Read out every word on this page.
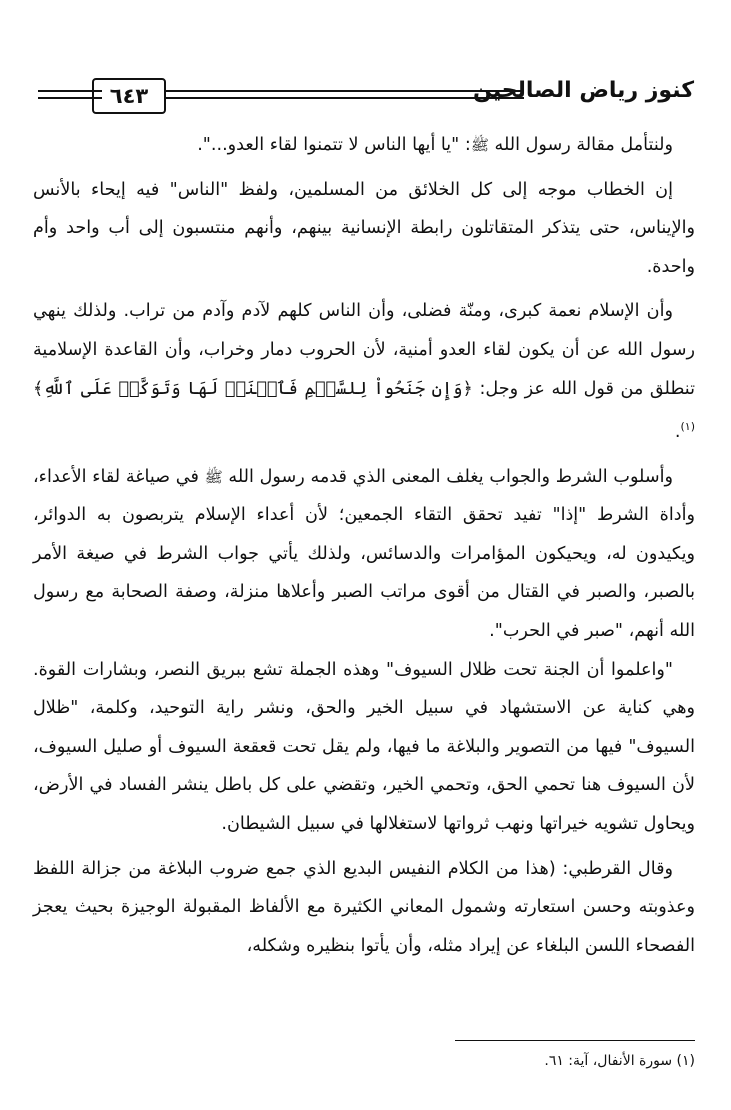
كنوز رياض الصالحين
٦٤٣

ولنتأمل مقالة رسول الله ﷺ: "يا أيها الناس لا تتمنوا لقاء العدو...".

إن الخطاب موجه إلى كل الخلائق من المسلمين، ولفظ "الناس" فيه إيحاء بالأنس والإيناس، حتى يتذكر المتقاتلون رابطة الإنسانية بينهم، وأنهم منتسبون إلى أب واحد وأم واحدة.

وأن الإسلام نعمة كبرى، ومنّة فضلى، وأن الناس كلهم لآدم وآدم من تراب. ولذلك ينهي رسول الله عن أن يكون لقاء العدو أمنية، لأن الحروب دمار وخراب، وأن القاعدة الإسلامية تنطلق من قول الله عز وجل: ﴿وَإِن جَنَحُواْ لِلسَّلۡمِ فَٱجۡنَحۡ لَهَا وَتَوَكَّلۡ عَلَى ٱللَّهِ﴾$^{(١)}$.

وأسلوب الشرط والجواب يغلف المعنى الذي قدمه رسول الله ﷺ في صياغة لقاء الأعداء، وأداة الشرط "إذا" تفيد تحقق التقاء الجمعين؛ لأن أعداء الإسلام يتربصون به الدوائر، ويكيدون له، ويحيكون المؤامرات والدسائس، ولذلك يأتي جواب الشرط في صيغة الأمر بالصبر، والصبر في القتال من أقوى مراتب الصبر وأعلاها منزلة، وصفة الصحابة مع رسول الله أنهم، "صبر في الحرب".

"واعلموا أن الجنة تحت ظلال السيوف" وهذه الجملة تشع ببريق النصر، وبشارات القوة. وهي كناية عن الاستشهاد في سبيل الخير والحق، ونشر راية التوحيد، وكلمة، "ظلال السيوف" فيها من التصوير والبلاغة ما فيها، ولم يقل تحت قعقعة السيوف أو صليل السيوف، لأن السيوف هنا تحمي الحق، وتحمي الخير، وتقضي على كل باطل ينشر الفساد في الأرض، ويحاول تشويه خيراتها ونهب ثرواتها لاستغلالها في سبيل الشيطان.

وقال القرطبي: (هذا من الكلام النفيس البديع الذي جمع ضروب البلاغة من جزالة اللفظ وعذوبته وحسن استعارته وشمول المعاني الكثيرة مع الألفاظ المقبولة الوجيزة بحيث يعجز الفصحاء اللسن البلغاء عن إيراد مثله، وأن يأتوا بنظيره وشكله،

(١) سورة الأنفال، آية: ٦١.
